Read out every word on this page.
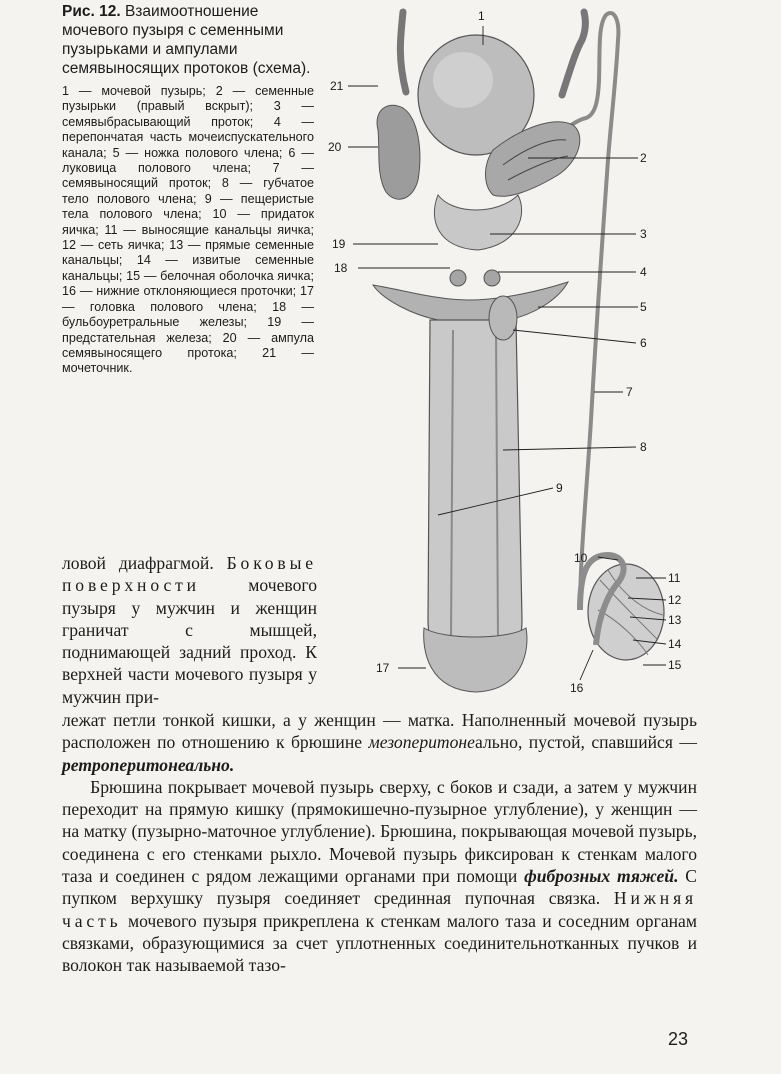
Рис. 12. Взаимоотношение мочевого пузыря с семенными пузырьками и ампулами семявыносящих протоков (схема).
1 — мочевой пузырь; 2 — семенные пузырьки (правый вскрыт); 3 — семявыбрасывающий проток; 4 — перепончатая часть мочеиспускательного канала; 5 — ножка полового члена; 6 — луковица полового члена; 7 — семявыносящий проток; 8 — губчатое тело полового члена; 9 — пещеристые тела полового члена; 10 — придаток яичка; 11 — выносящие канальцы яичка; 12 — сеть яичка; 13 — прямые семенные канальцы; 14 — извитые семенные канальцы; 15 — белочная оболочка яичка; 16 — нижние отклоняющиеся проточки; 17 — головка полового члена; 18 — бульбоуретральные железы; 19 — предстательная железа; 20 — ампула семявыносящего протока; 21 — мочеточник.
1
21
20
2
19
3
18	4
5
6
7
8
9
10
11
12
13
14
15
16
17
ловой диафрагмой. Боковые поверхности	мочевого пузыря у мужчин и женщин граничат с мышцей, поднимающей задний проход. К верхней части мочевого пузыря у мужчин при-

лежат петли тонкой кишки, а у женщин — матка. Наполненный мочевой пузырь расположен по отношению к брюшине мезоперитонеально, пустой, спавшийся — ретроперитонеально.

Брюшина покрывает мочевой пузырь сверху, с боков и сзади, а затем у мужчин переходит на прямую кишку (прямокишечно-пузырное углубление), у женщин — на матку (пузырно-маточное углубление). Брюшина, покрывающая мочевой пузырь, соединена с его стенками рыхло. Мочевой пузырь фиксирован к стенкам малого таза и соединен с рядом лежащими органами при помощи фиброзных тяжей. С пупком верхушку пузыря соединяет срединная пупочная связка. Нижняя часть мочевого пузыря прикреплена к стенкам малого таза и соседним органам связками, образующимися за счет уплотненных соединительнотканных пучков и волокон так называемой тазо-

23
